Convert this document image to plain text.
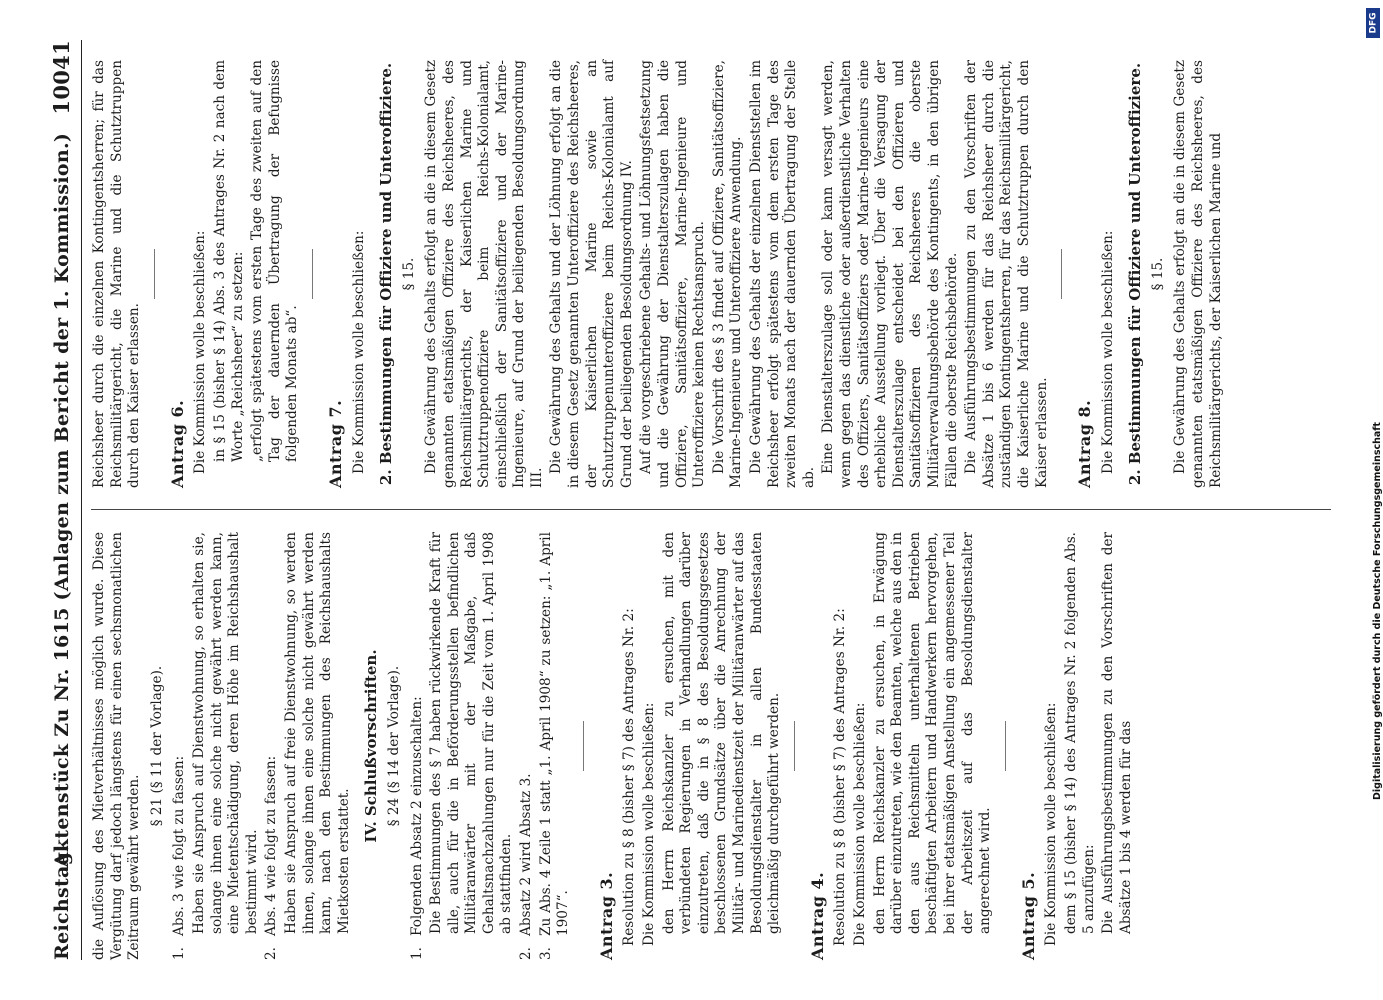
Reichstag.
Aktenstück Zu Nr. 1615 (Anlagen zum Bericht der 1. Kommission.)
10041

die Auflösung des Mietverhältnisses möglich wurde. Diese Vergütung darf jedoch längstens für einen sechsmonatlichen Zeitraum gewährt werden.

§ 21 (§ 11 der Vorlage).

1.
Abs. 3 wie folgt zu fassen: Haben sie Anspruch auf Dienstwohnung, so erhalten sie, solange ihnen eine solche nicht gewährt werden kann, eine Mietentschädigung, deren Höhe im Reichshaushalt bestimmt wird.

2.
Abs. 4 wie folgt zu fassen: Haben sie Anspruch auf freie Dienstwohnung, so werden ihnen, solange ihnen eine solche nicht gewährt werden kann, nach den Bestimmungen des Reichshaushalts Mietkosten erstattet.

IV. Schlußvorschriften. § 24 (§ 14 der Vorlage).

1.
Folgenden Absatz 2 einzuschalten: Die Bestimmungen des § 7 haben rückwirkende Kraft für alle, auch für die in Beförderungsstellen befindlichen Militäranwärter mit der Maßgabe, daß Gehaltsnachzahlungen nur für die Zeit vom 1. April 1908 ab stattfinden.

2.
Absatz 2 wird Absatz 3.
3.
Zu Abs. 4 Zeile 1 statt „1. April 1908“ zu setzen: „1. April 1907“. Antrag 3. Resolution zu § 8 (bisher § 7) des Antrages Nr. 2: Die Kommission wolle beschließen: den Herrn Reichskanzler zu ersuchen, mit den verbündeten Regierungen in Verhandlungen darüber einzutreten, daß die in § 8 des Besoldungsgesetzes beschlossenen Grundsätze über die Anrechnung der Militär- und Marinedienstzeit der Militäranwärter auf das Besoldungsdienstalter in allen Bundesstaaten gleichmäßig durchgeführt werden. Antrag 4. Resolution zu § 8 (bisher § 7) des Antrages Nr. 2: Die Kommission wolle beschließen: den Herrn Reichskanzler zu ersuchen, in Erwägung darüber einzutreten, wie den Beamten, welche aus den in den aus Reichsmitteln unterhaltenen Betrieben beschäftigten Arbeitern und Handwerkern hervorgehen, bei ihrer etatsmäßigen Anstellung ein angemessener Teil der Arbeitszeit auf das Besoldungsdienstalter angerechnet wird. Antrag 5. Die Kommission wolle beschließen: dem § 15 (bisher § 14) des Antrages Nr. 2 folgenden Abs. 5 anzufügen: Die Ausführungsbestimmungen zu den Vorschriften der Absätze 1 bis 4 werden für das

Reichsheer durch die einzelnen Kontingentsherren; für das Reichsmilitärgericht, die Marine und die Schutztruppen durch den Kaiser erlassen. Antrag 6. Die Kommission wolle beschließen: in § 15 (bisher § 14) Abs. 3 des Antrages Nr. 2 nach dem Worte „Reichsheer“ zu setzen: „erfolgt spätestens vom ersten Tage des zweiten auf den Tag der dauernden Übertragung der Befugnisse folgenden Monats ab“. Antrag 7. Die Kommission wolle beschließen: 2. Bestimmungen für Offiziere und Unteroffiziere. § 15. Die Gewährung des Gehalts erfolgt an die in diesem Gesetz genannten etatsmäßigen Offiziere des Reichsheeres, des Reichsmilitärgerichts, der Kaiserlichen Marine und Schutztruppenoffiziere beim Reichs-Kolonialamt, einschließlich der Sanitätsoffiziere und der Marine-Ingenieure, auf Grund der beiliegenden Besoldungsordnung III.

Die Gewährung des Gehalts und der Löhnung erfolgt an die in diesem Gesetz genannten Unteroffiziere des Reichsheeres, der Kaiserlichen Marine sowie an Schutztruppenunteroffiziere beim Reichs-Kolonialamt auf Grund der beiliegenden Besoldungsordnung IV. Auf die vorgeschriebene Gehalts- und Löhnungsfestsetzung und die Gewährung der Dienstalterszulagen haben die Offiziere, Sanitätsoffiziere, Marine-Ingenieure und Unteroffiziere keinen Rechtsanspruch. Die Vorschrift des § 3 findet auf Offiziere, Sanitätsoffiziere, Marine-Ingenieure und Unteroffiziere Anwendung. Die Gewährung des Gehalts der einzelnen Dienststellen im Reichsheer erfolgt spätestens vom dem ersten Tage des zweiten Monats nach der dauernden Übertragung der Stelle ab.

Eine Dienstalterszulage soll oder kann versagt werden, wenn gegen das dienstliche oder außerdienstliche Verhalten des Offiziers, Sanitätsoffiziers oder Marine-Ingenieurs eine erhebliche Ausstellung vorliegt. Über die Versagung der Dienstalterszulage entscheidet bei den Offizieren und Sanitätsoffizieren des Reichsheeres die oberste Militärverwaltungsbehörde des Kontingents, in den übrigen Fällen die oberste Reichsbehörde. Die Ausführungsbestimmungen zu den Vorschriften der Absätze 1 bis 6 werden für das Reichsheer durch die zuständigen Kontingentsherren, für das Reichsmilitärgericht, die Kaiserliche Marine und die Schutztruppen durch den Kaiser erlassen. Antrag 8. Die Kommission wolle beschließen: 2. Bestimmungen für Offiziere und Unteroffiziere. § 15. Die Gewährung des Gehalts erfolgt an die in diesem Gesetz genannten etatsmäßigen Offiziere des Reichsheeres, des Reichsmilitärgerichts, der Kaiserlichen Marine und

DFG
Digitalisierung gefördert durch die Deutsche Forschungsgemeinschaft
